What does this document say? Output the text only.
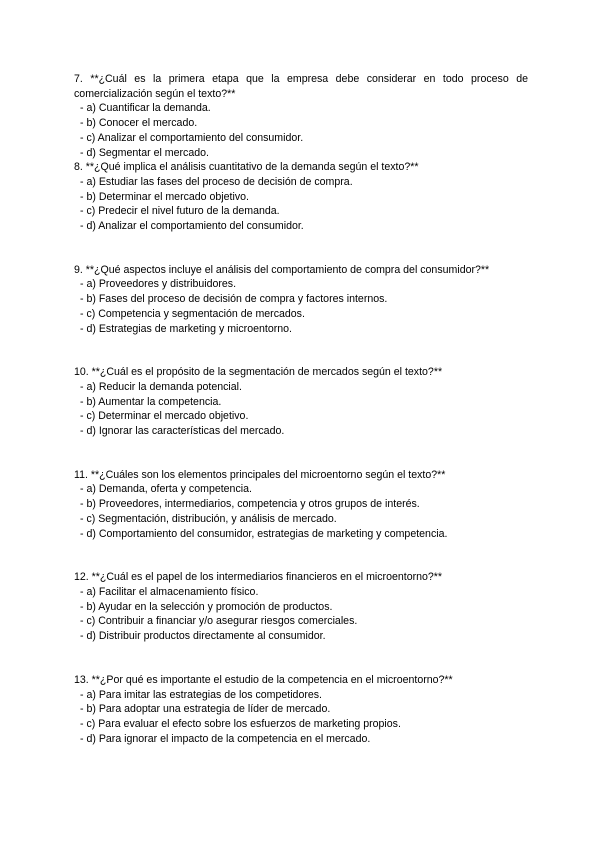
7. **¿Cuál es la primera etapa que la empresa debe considerar en todo proceso de comercialización según el texto?**
- a) Cuantificar la demanda.
- b) Conocer el mercado.
- c) Analizar el comportamiento del consumidor.
- d) Segmentar el mercado.
8. **¿Qué implica el análisis cuantitativo de la demanda según el texto?**
- a) Estudiar las fases del proceso de decisión de compra.
- b) Determinar el mercado objetivo.
- c) Predecir el nivel futuro de la demanda.
- d) Analizar el comportamiento del consumidor.
9. **¿Qué aspectos incluye el análisis del comportamiento de compra del consumidor?**
- a) Proveedores y distribuidores.
- b) Fases del proceso de decisión de compra y factores internos.
- c) Competencia y segmentación de mercados.
- d) Estrategias de marketing y microentorno.
10. **¿Cuál es el propósito de la segmentación de mercados según el texto?**
- a) Reducir la demanda potencial.
- b) Aumentar la competencia.
- c) Determinar el mercado objetivo.
- d) Ignorar las características del mercado.
11. **¿Cuáles son los elementos principales del microentorno según el texto?**
- a) Demanda, oferta y competencia.
- b) Proveedores, intermediarios, competencia y otros grupos de interés.
- c) Segmentación, distribución, y análisis de mercado.
- d) Comportamiento del consumidor, estrategias de marketing y competencia.
12. **¿Cuál es el papel de los intermediarios financieros en el microentorno?**
- a) Facilitar el almacenamiento físico.
- b) Ayudar en la selección y promoción de productos.
- c) Contribuir a financiar y/o asegurar riesgos comerciales.
- d) Distribuir productos directamente al consumidor.
13. **¿Por qué es importante el estudio de la competencia en el microentorno?**
- a) Para imitar las estrategias de los competidores.
- b) Para adoptar una estrategia de líder de mercado.
- c) Para evaluar el efecto sobre los esfuerzos de marketing propios.
- d) Para ignorar el impacto de la competencia en el mercado.
